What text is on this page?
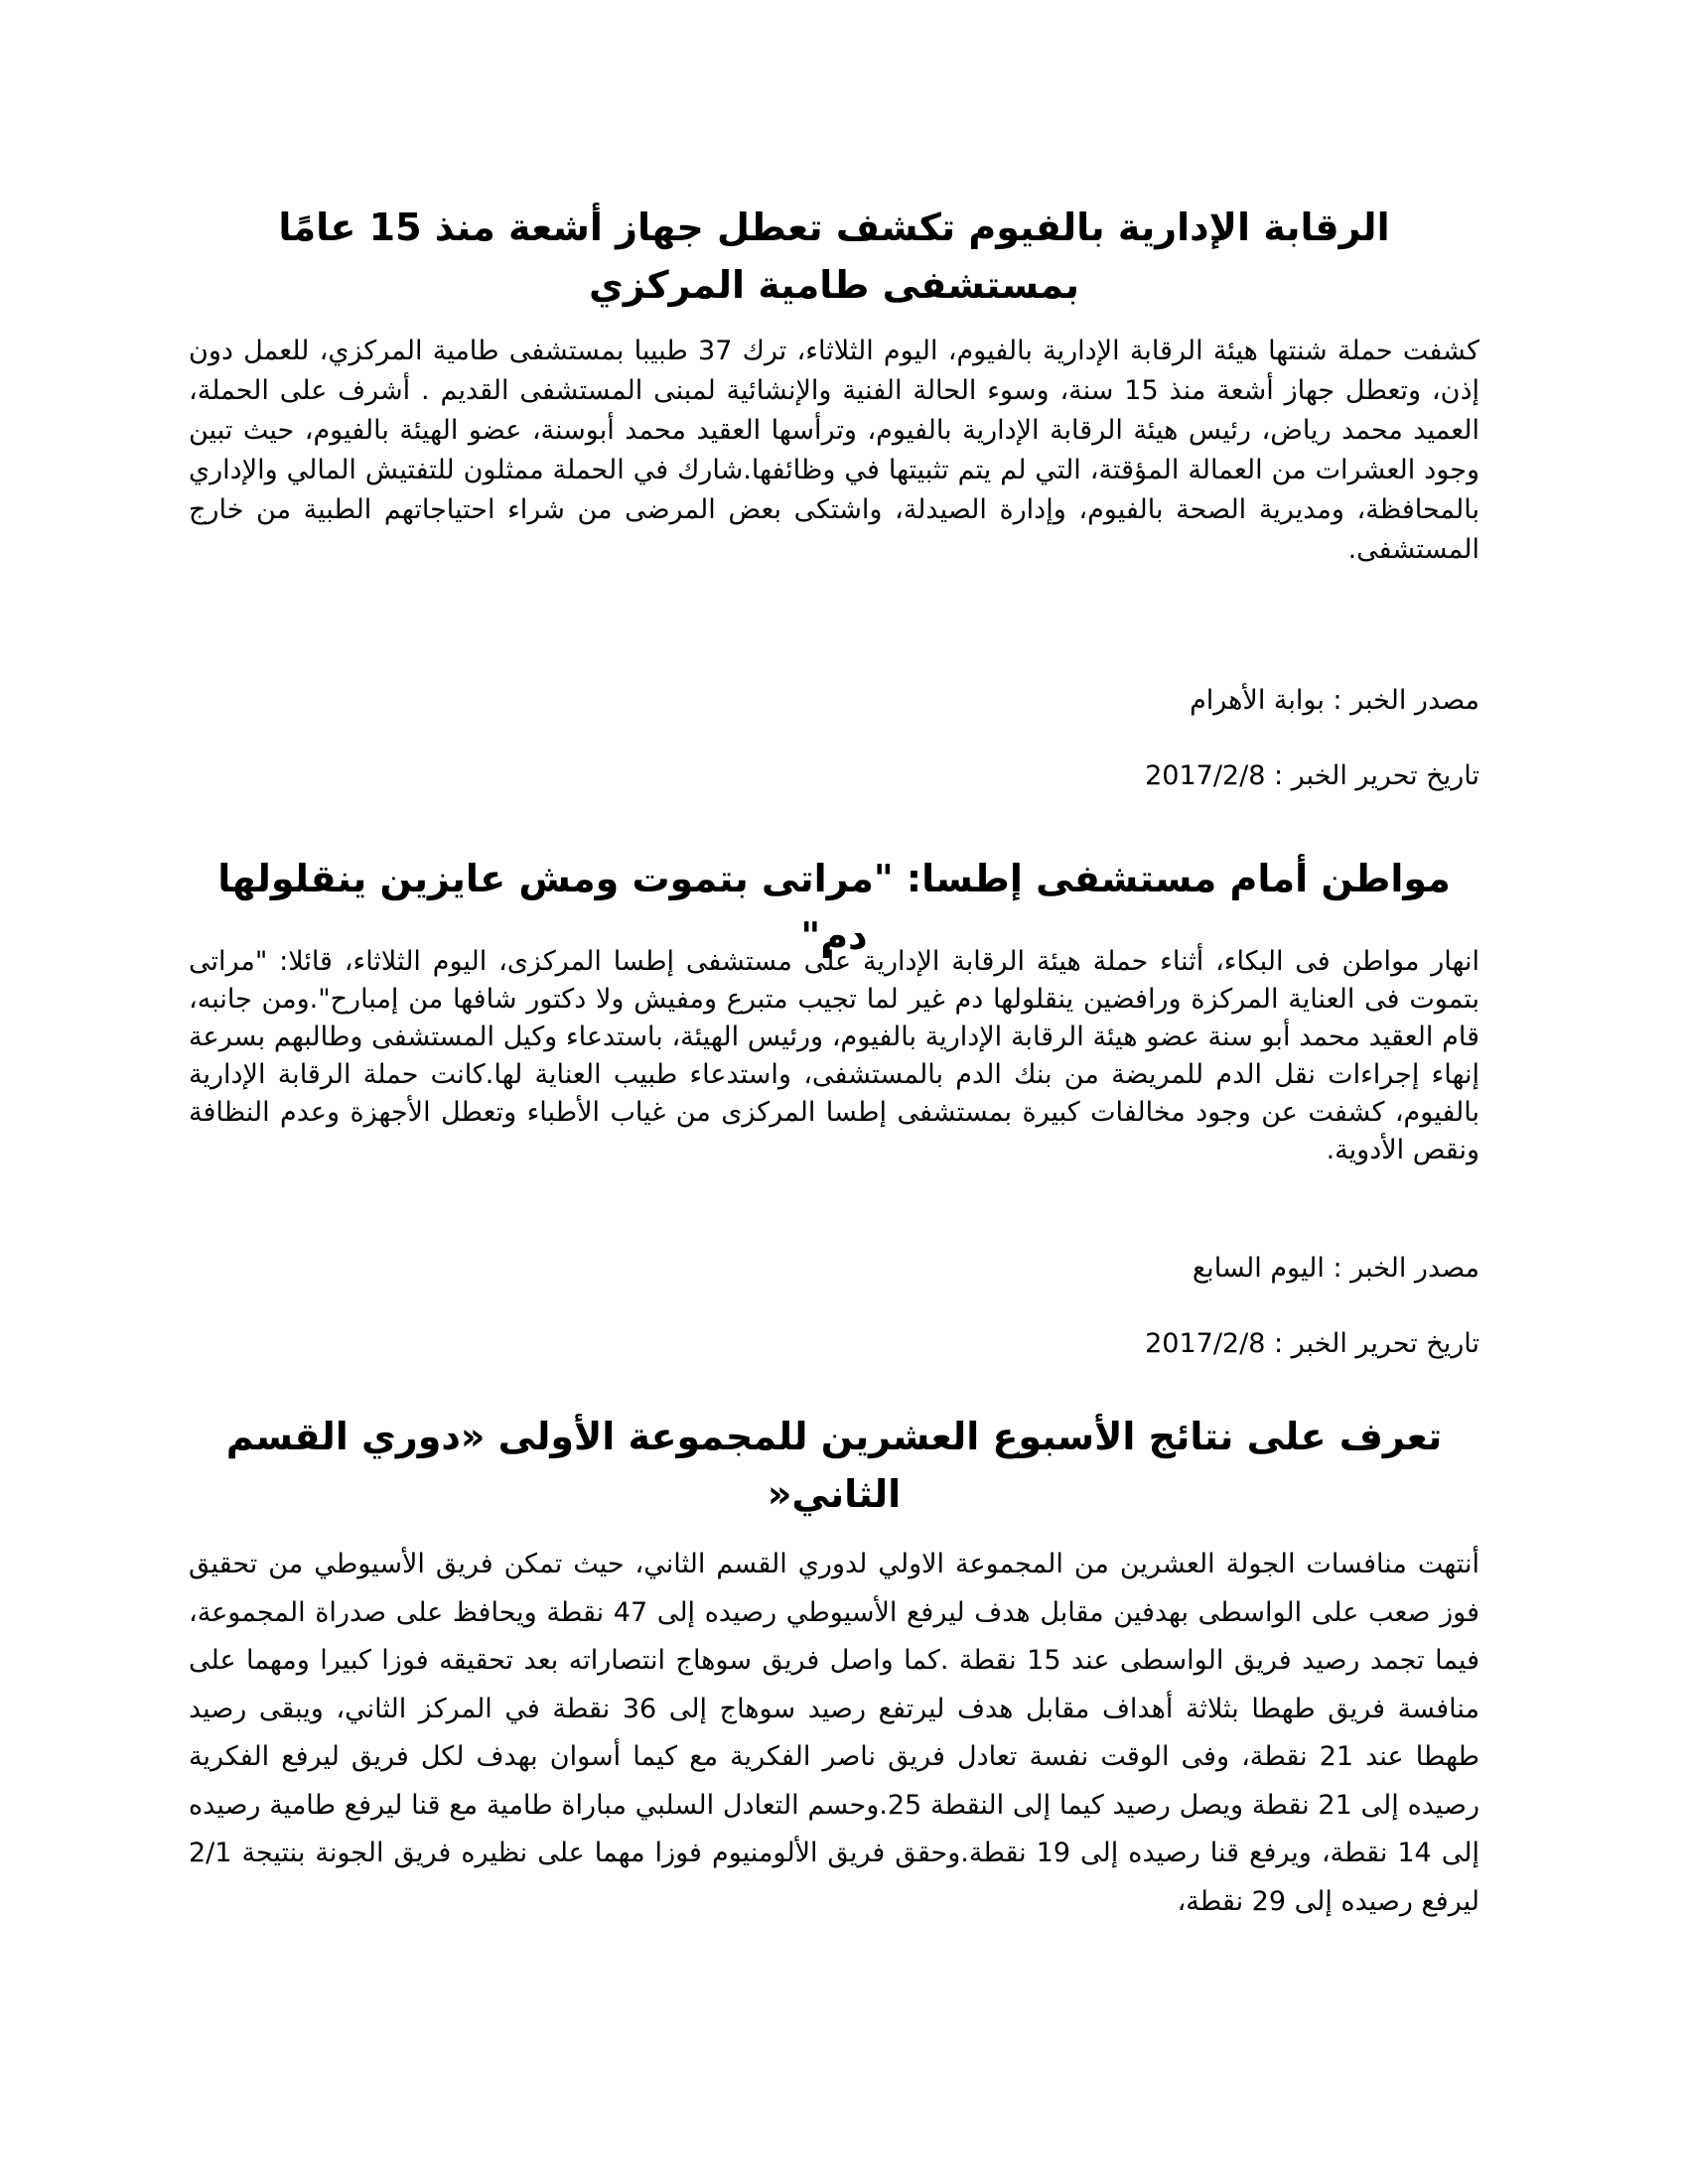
الرقابة الإدارية بالفيوم تكشف تعطل جهاز أشعة منذ 15 عامًا بمستشفى طامية المركزي

كشفت حملة شنتها هيئة الرقابة الإدارية بالفيوم، اليوم الثلاثاء، ترك 37 طبيبا بمستشفى طامية المركزي، للعمل دون إذن، وتعطل جهاز أشعة منذ 15 سنة، وسوء الحالة الفنية والإنشائية لمبنى المستشفى القديم . أشرف على الحملة، العميد محمد رياض، رئيس هيئة الرقابة الإدارية بالفيوم، وترأسها العقيد محمد أبوسنة، عضو الهيئة بالفيوم، حيث تبين وجود العشرات من العمالة المؤقتة، التي لم يتم تثبيتها في وظائفها.شارك في الحملة ممثلون للتفتيش المالي والإداري بالمحافظة، ومديرية الصحة بالفيوم، وإدارة الصيدلة، واشتكى بعض المرضى من شراء احتياجاتهم الطبية من خارج المستشفى.

مصدر الخبر : بوابة الأهرام

تاريخ تحرير الخبر : 2017/2/8

مواطن أمام مستشفى إطسا: "مراتى بتموت ومش عايزين ينقلولها دم"

انهار مواطن فى البكاء، أثناء حملة هيئة الرقابة الإدارية على مستشفى إطسا المركزى، اليوم الثلاثاء، قائلا: "مراتى بتموت فى العناية المركزة ورافضين ينقلولها دم غير لما تجيب متبرع ومفيش ولا دكتور شافها من إمبارح".ومن جانبه، قام العقيد محمد أبو سنة عضو هيئة الرقابة الإدارية بالفيوم، ورئيس الهيئة، باستدعاء وكيل المستشفى وطالبهم بسرعة إنهاء إجراءات نقل الدم للمريضة من بنك الدم بالمستشفى، واستدعاء طبيب العناية لها.كانت حملة الرقابة الإدارية بالفيوم، كشفت عن وجود مخالفات كبيرة بمستشفى إطسا المركزى من غياب الأطباء وتعطل الأجهزة وعدم النظافة ونقص الأدوية.

مصدر الخبر : اليوم السابع

تاريخ تحرير الخبر : 2017/2/8

تعرف على نتائج الأسبوع العشرين للمجموعة الأولى «دوري القسم الثاني«

أنتهت منافسات الجولة العشرين من المجموعة الاولي لدوري القسم الثاني، حيث تمكن فريق الأسيوطي من تحقيق فوز صعب على الواسطى بهدفين مقابل هدف ليرفع الأسيوطي رصيده إلى 47 نقطة ويحافظ على صدراة المجموعة، فيما تجمد رصيد فريق الواسطى عند 15 نقطة .كما واصل فريق سوهاج انتصاراته بعد تحقيقه فوزا كبيرا ومهما على منافسة فريق طهطا بثلاثة أهداف مقابل هدف ليرتفع رصيد سوهاج إلى 36 نقطة في المركز الثاني، ويبقى رصيد طهطا عند 21 نقطة، وفى الوقت نفسة تعادل فريق ناصر الفكرية مع كيما أسوان بهدف لكل فريق ليرفع الفكرية رصيده إلى 21 نقطة ويصل رصيد كيما إلى النقطة 25.وحسم التعادل السلبي مباراة طامية مع قنا ليرفع طامية رصيده إلى 14 نقطة، ويرفع قنا رصيده إلى 19 نقطة.وحقق فريق الألومنيوم فوزا مهما على نظيره فريق الجونة بنتيجة 2/1 ليرفع رصيده إلى 29 نقطة،
